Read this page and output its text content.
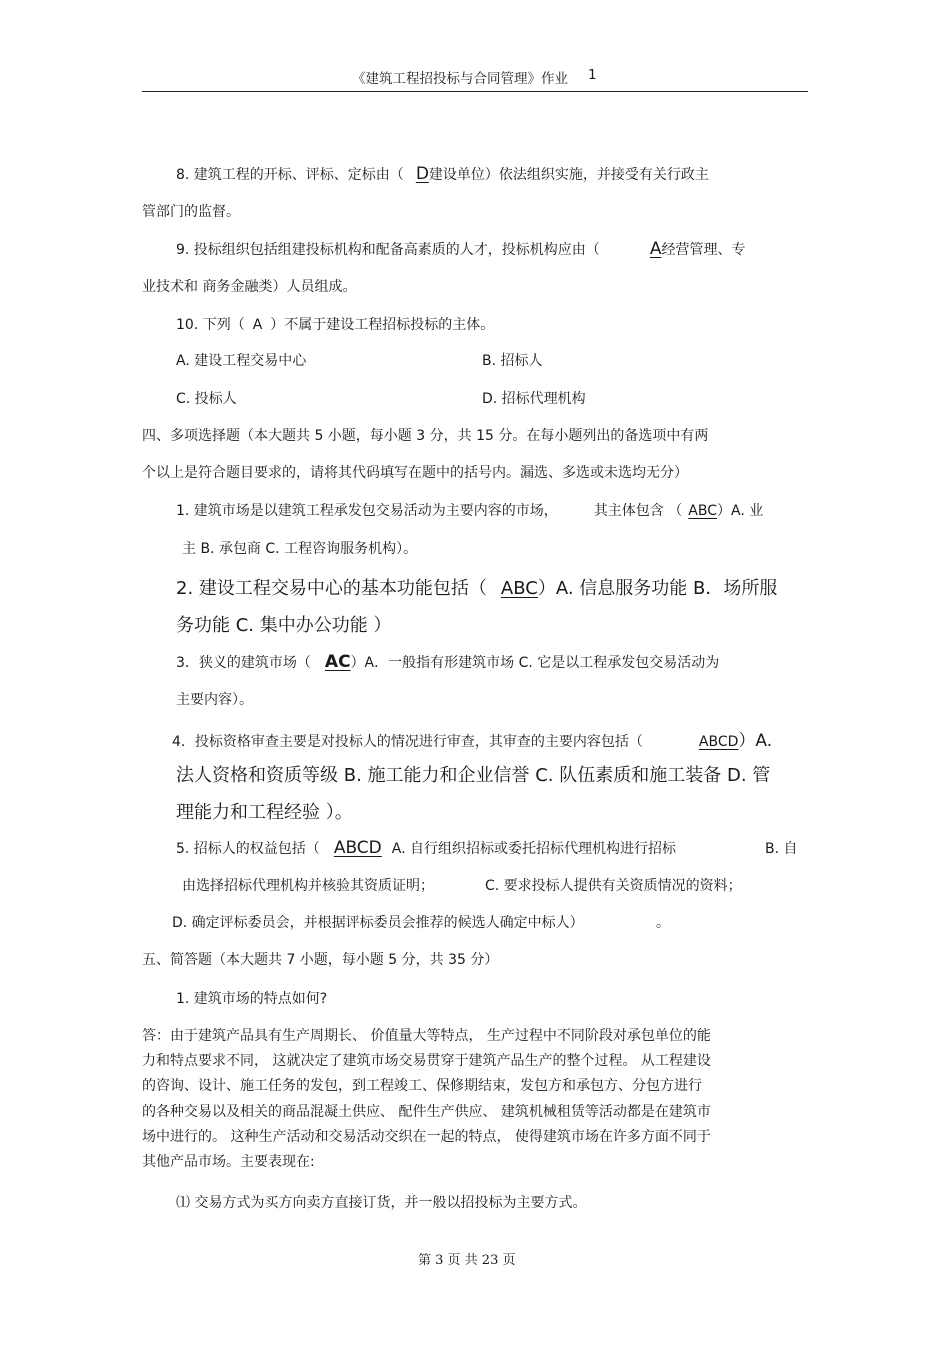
《建筑工程招投标与合同管理》作业 1
8. 建筑工程的开标、评标、定标由（ D建设单位）依法组织实施，并接受有关行政主
管部门的监督。
9. 投标组织包括组建投标机构和配备高素质的人才，投标机构应由（	A经营管理、专
业技术和 商务金融类）人员组成。
10. 下列（ A ）不属于建设工程招标投标的主体。
A. 建设工程交易中心	B. 招标人
C. 投标人	D. 招标代理机构
四、多项选择题（本大题共 5 小题，每小题 3 分，共 15 分。在每小题列出的备选项中有两
个以上是符合题目要求的，请将其代码填写在题中的括号内。漏选、多选或未选均无分）
1. 建筑市场是以建筑工程承发包交易活动为主要内容的市场，	其主体包含 （ ABC）A. 业
主 B. 承包商 C. 工程咨询服务机构）。
2. 建设工程交易中心的基本功能包括（ ABC）A. 信息服务功能 B．场所服
务功能 C. 集中办公功能 ）
3．狭义的建筑市场（ AC）A．一般指有形建筑市场 C. 它是以工程承发包交易活动为
主要内容）。
4．投标资格审查主要是对投标人的情况进行审查，其审查的主要内容包括（	ABCD）A.
法人资格和资质等级 B. 施工能力和企业信誉 C. 队伍素质和施工装备 D. 管
理能力和工程经验 ）。
5. 招标人的权益包括（ ABCD A. 自行组织招标或委托招标代理机构进行招标	B. 自
由选择招标代理机构并核验其资质证明；	C. 要求投标人提供有关资质情况的资料；
D. 确定评标委员会，并根据评标委员会推荐的候选人确定中标人）	。
五、简答题（本大题共 7 小题，每小题 5 分，共 35 分）
1. 建筑市场的特点如何?
答：由于建筑产品具有生产周期长、 价值量大等特点， 生产过程中不同阶段对承包单位的能
力和特点要求不同， 这就决定了建筑市场交易贯穿于建筑产品生产的整个过程。 从工程建设
的咨询、设计、施工任务的发包，到工程竣工、保修期结束，发包方和承包方、分包方进行
的各种交易以及相关的商品混凝土供应、 配件生产供应、 建筑机械租赁等活动都是在建筑市
场中进行的。 这种生产活动和交易活动交织在一起的特点， 使得建筑市场在许多方面不同于
其他产品市场。主要表现在:
⑴ 交易方式为买方向卖方直接订货，并一般以招投标为主要方式。
第 3 页 共 23 页
